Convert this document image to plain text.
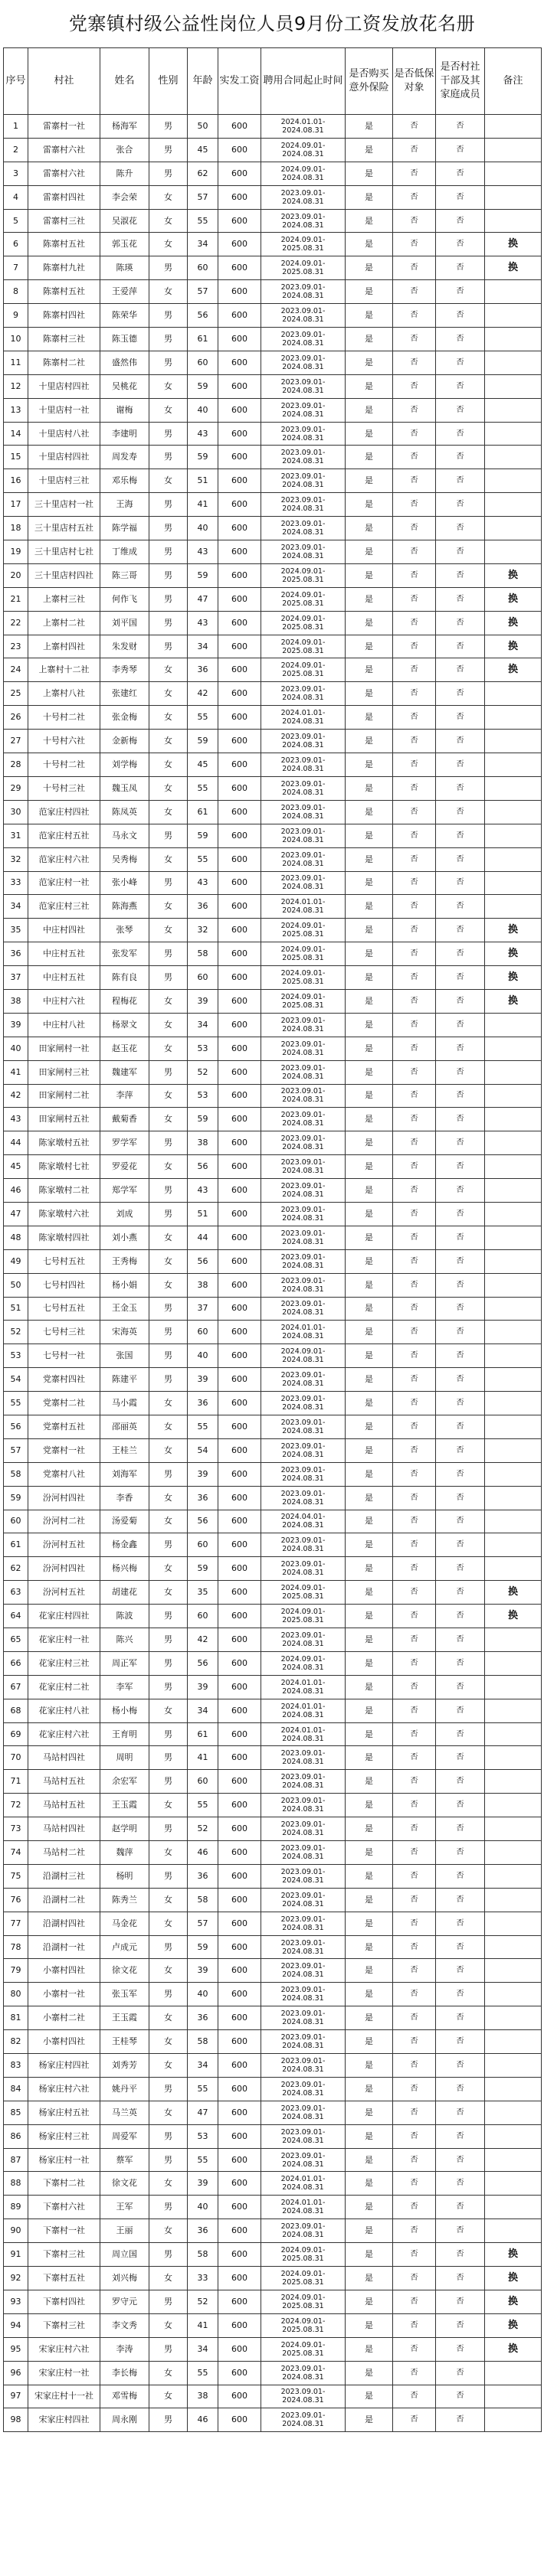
党寨镇村级公益性岗位人员9月份工资发放花名册
序号	村社	姓名	性别	年龄	实发工资	聘用合同起止时间	是否购买意外保险	是否低保对象	是否村社干部及其家庭成员	备注
1	雷寨村一社	杨海军	男	50	600	2024.01.01-2024.08.31	是	否	否	
2	雷寨村六社	张合	男	45	600	2024.09.01-2024.08.31	是	否	否	
3	雷寨村六社	陈升	男	62	600	2024.09.01-2024.08.31	是	否	否	
4	雷寨村四社	李会荣	女	57	600	2023.09.01-2024.08.31	是	否	否	
5	雷寨村三社	吴淑花	女	55	600	2023.09.01-2024.08.31	是	否	否	
6	陈寨村五社	郭玉花	女	34	600	2024.09.01-2025.08.31	是	否	否	换
7	陈寨村九社	陈瑛	男	60	600	2024.09.01-2025.08.31	是	否	否	换
8	陈寨村五社	王爱萍	女	57	600	2023.09.01-2024.08.31	是	否	否	
9	陈寨村四社	陈荣华	男	56	600	2023.09.01-2024.08.31	是	否	否	
10	陈寨村三社	陈玉德	男	61	600	2023.09.01-2024.08.31	是	否	否	
11	陈寨村二社	盛然伟	男	60	600	2023.09.01-2024.08.31	是	否	否	
12	十里店村四社	吴桃花	女	59	600	2023.09.01-2024.08.31	是	否	否	
13	十里店村一社	谢梅	女	40	600	2023.09.01-2024.08.31	是	否	否	
14	十里店村八社	李建明	男	43	600	2023.09.01-2024.08.31	是	否	否	
15	十里店村四社	周发寿	男	59	600	2023.09.01-2024.08.31	是	否	否	
16	十里店村三社	邓乐梅	女	51	600	2023.09.01-2024.08.31	是	否	否	
17	三十里店村一社	王海	男	41	600	2023.09.01-2024.08.31	是	否	否	
18	三十里店村五社	陈学福	男	40	600	2023.09.01-2024.08.31	是	否	否	
19	三十里店村七社	丁维成	男	43	600	2023.09.01-2024.08.31	是	否	否	
20	三十里店村四社	陈三哥	男	59	600	2024.09.01-2025.08.31	是	否	否	换
21	上寨村三社	何作飞	男	47	600	2024.09.01-2025.08.31	是	否	否	换
22	上寨村二社	刘平国	男	43	600	2024.09.01-2025.08.31	是	否	否	换
23	上寨村四社	朱发财	男	34	600	2024.09.01-2025.08.31	是	否	否	换
24	上寨村十二社	李秀琴	女	36	600	2024.09.01-2025.08.31	是	否	否	换
25	上寨村八社	张建红	女	42	600	2023.09.01-2024.08.31	是	否	否	
26	十号村二社	张金梅	女	55	600	2024.01.01-2024.08.31	是	否	否	
27	十号村六社	金新梅	女	59	600	2023.09.01-2024.08.31	是	否	否	
28	十号村二社	刘学梅	女	45	600	2023.09.01-2024.08.31	是	否	否	
29	十号村三社	魏玉凤	女	55	600	2023.09.01-2024.08.31	是	否	否	
30	范家庄村四社	陈凤英	女	61	600	2023.09.01-2024.08.31	是	否	否	
31	范家庄村五社	马永文	男	59	600	2023.09.01-2024.08.31	是	否	否	
32	范家庄村六社	吴秀梅	女	55	600	2023.09.01-2024.08.31	是	否	否	
33	范家庄村一社	张小峰	男	43	600	2023.09.01-2024.08.31	是	否	否	
34	范家庄村三社	陈海燕	女	36	600	2024.01.01-2024.08.31	是	否	否	
35	中庄村四社	张琴	女	32	600	2024.09.01-2025.08.31	是	否	否	换
36	中庄村五社	张发军	男	58	600	2024.09.01-2025.08.31	是	否	否	换
37	中庄村五社	陈有良	男	60	600	2024.09.01-2025.08.31	是	否	否	换
38	中庄村六社	程梅花	女	39	600	2024.09.01-2025.08.31	是	否	否	换
39	中庄村八社	杨翠文	女	34	600	2023.09.01-2024.08.31	是	否	否	
40	田家闸村一社	赵玉花	女	53	600	2023.09.01-2024.08.31	是	否	否	
41	田家闸村三社	魏建军	男	52	600	2023.09.01-2024.08.31	是	否	否	
42	田家闸村二社	李萍	女	53	600	2023.09.01-2024.08.31	是	否	否	
43	田家闸村五社	戴菊香	女	59	600	2023.09.01-2024.08.31	是	否	否	
44	陈家墩村五社	罗学军	男	38	600	2023.09.01-2024.08.31	是	否	否	
45	陈家墩村七社	罗爱花	女	56	600	2023.09.01-2024.08.31	是	否	否	
46	陈家墩村二社	郑学军	男	43	600	2023.09.01-2024.08.31	是	否	否	
47	陈家墩村六社	刘成	男	51	600	2023.09.01-2024.08.31	是	否	否	
48	陈家墩村四社	刘小燕	女	44	600	2023.09.01-2024.08.31	是	否	否	
49	七号村五社	王秀梅	女	56	600	2023.09.01-2024.08.31	是	否	否	
50	七号村四社	杨小娟	女	38	600	2023.09.01-2024.08.31	是	否	否	
51	七号村五社	王金玉	男	37	600	2023.09.01-2024.08.31	是	否	否	
52	七号村三社	宋海英	男	60	600	2024.01.01-2024.08.31	是	否	否	
53	七号村一社	张国	男	40	600	2024.09.01-2024.08.31	是	否	否	
54	党寨村四社	陈建平	男	39	600	2023.09.01-2024.08.31	是	否	否	
55	党寨村二社	马小霞	女	36	600	2023.09.01-2024.08.31	是	否	否	
56	党寨村五社	邵丽英	女	55	600	2023.09.01-2024.08.31	是	否	否	
57	党寨村一社	王桂兰	女	54	600	2023.09.01-2024.08.31	是	否	否	
58	党寨村八社	刘海军	男	39	600	2023.09.01-2024.08.31	是	否	否	
59	汾河村四社	李香	女	36	600	2023.09.01-2024.08.31	是	否	否	
60	汾河村二社	汤爱菊	女	56	600	2024.04.01-2024.08.31	是	否	否	
61	汾河村五社	杨金鑫	男	60	600	2023.09.01-2024.08.31	是	否	否	
62	汾河村四社	杨兴梅	女	59	600	2023.09.01-2024.08.31	是	否	否	
63	汾河村五社	胡建花	女	35	600	2024.09.01-2025.08.31	是	否	否	换
64	花家庄村四社	陈波	男	60	600	2024.09.01-2025.08.31	是	否	否	换
65	花家庄村一社	陈兴	男	42	600	2023.09.01-2024.08.31	是	否	否	
66	花家庄村三社	周正军	男	56	600	2024.09.01-2024.08.31	是	否	否	
67	花家庄村二社	李军	男	39	600	2024.01.01-2024.08.31	是	否	否	
68	花家庄村八社	杨小梅	女	34	600	2024.01.01-2024.08.31	是	否	否	
69	花家庄村六社	王育明	男	61	600	2024.01.01-2024.08.31	是	否	否	
70	马站村四社	周明	男	41	600	2023.09.01-2024.08.31	是	否	否	
71	马站村五社	余宏军	男	60	600	2023.09.01-2024.08.31	是	否	否	
72	马站村五社	王玉霞	女	55	600	2023.09.01-2024.08.31	是	否	否	
73	马站村四社	赵学明	男	52	600	2023.09.01-2024.08.31	是	否	否	
74	马站村二社	魏萍	女	46	600	2023.09.01-2024.08.31	是	否	否	
75	沿湖村三社	杨明	男	36	600	2023.09.01-2024.08.31	是	否	否	
76	沿湖村二社	陈秀兰	女	58	600	2023.09.01-2024.08.31	是	否	否	
77	沿湖村四社	马金花	女	57	600	2023.09.01-2024.08.31	是	否	否	
78	沿湖村一社	卢成元	男	59	600	2023.09.01-2024.08.31	是	否	否	
79	小寨村四社	徐文花	女	39	600	2023.09.01-2024.08.31	是	否	否	
80	小寨村一社	张玉军	男	40	600	2023.09.01-2024.08.31	是	否	否	
81	小寨村二社	王玉霞	女	36	600	2023.09.01-2024.08.31	是	否	否	
82	小寨村四社	王桂琴	女	58	600	2023.09.01-2024.08.31	是	否	否	
83	杨家庄村四社	刘秀芳	女	34	600	2023.09.01-2024.08.31	是	否	否	
84	杨家庄村六社	姚丹平	男	55	600	2023.09.01-2024.08.31	是	否	否	
85	杨家庄村五社	马兰英	女	47	600	2023.09.01-2024.08.31	是	否	否	
86	杨家庄村三社	周爱军	男	53	600	2023.09.01-2024.08.31	是	否	否	
87	杨家庄村一社	蔡军	男	55	600	2023.09.01-2024.08.31	是	否	否	
88	下寨村二社	徐文花	女	39	600	2024.01.01-2024.08.31	是	否	否	
89	下寨村六社	王军	男	40	600	2024.01.01-2024.08.31	是	否	否	
90	下寨村一社	王丽	女	36	600	2023.09.01-2024.08.31	是	否	否	
91	下寨村三社	周立国	男	58	600	2024.09.01-2025.08.31	是	否	否	换
92	下寨村五社	刘兴梅	女	33	600	2024.09.01-2025.08.31	是	否	否	换
93	下寨村四社	罗守元	男	52	600	2024.09.01-2025.08.31	是	否	否	换
94	下寨村三社	李文秀	女	41	600	2024.09.01-2025.08.31	是	否	否	换
95	宋家庄村六社	李涛	男	34	600	2024.09.01-2025.08.31	是	否	否	换
96	宋家庄村一社	李长梅	女	55	600	2023.09.01-2024.08.31	是	否	否	
97	宋家庄村十一社	邓雪梅	女	38	600	2023.09.01-2024.08.31	是	否	否	
98	宋家庄村四社	周永刚	男	46	600	2023.09.01-2024.08.31	是	否	否	
